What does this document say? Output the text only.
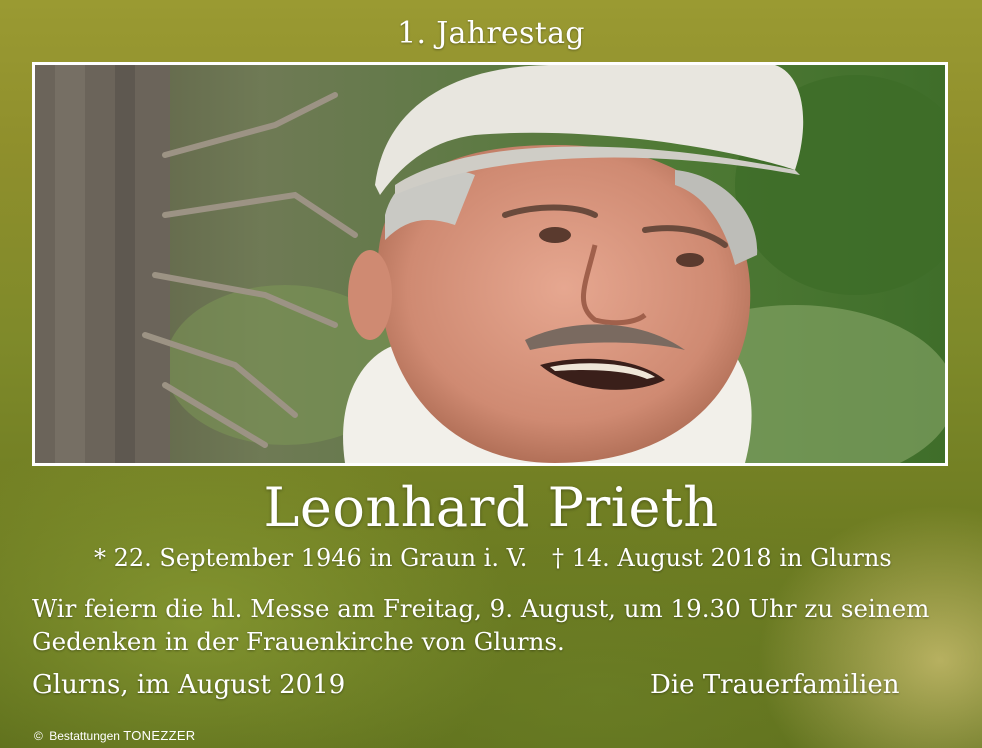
1. Jahrestag
Leonhard Prieth
* 22. September 1946 in Graun i. V. † 14. August 2018 in Glurns
Wir feiern die hl. Messe am Freitag, 9. August, um 19.30 Uhr zu seinem
Gedenken in der Frauenkirche von Glurns.
Glurns, im August 2019	Die Trauerfamilien
© Bestattungen TONEZZER
